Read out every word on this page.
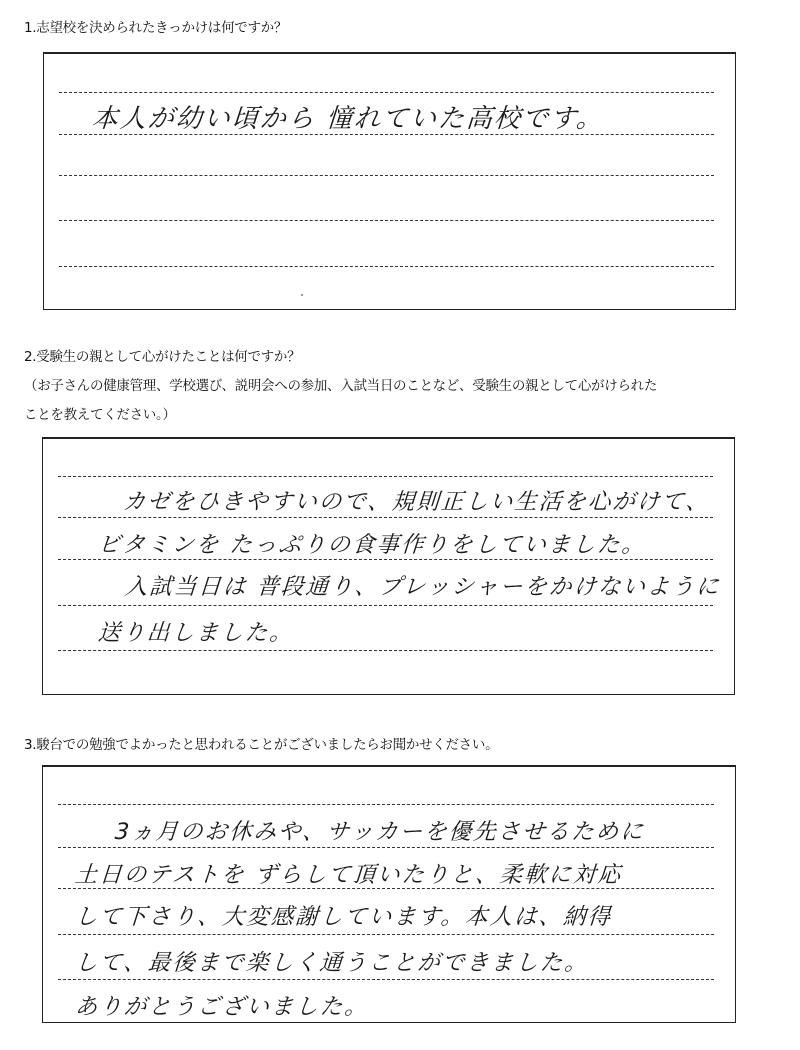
1.志望校を決められたきっかけは何ですか？
本人が幼い頃から 憧れていた高校です。
2.受験生の親として心がけたことは何ですか？
（お子さんの健康管理、学校選び、説明会への参加、入試当日のことなど、受験生の親として心がけられた
ことを教えてください。）
カゼをひきやすいので、規則正しい生活を心がけて、
ビタミンを たっぷりの食事作りをしていました。
入試当日は 普段通り、プレッシャーをかけないように
送り出しました。
3.駿台での勉強でよかったと思われることがございましたらお聞かせください。
3ヵ月のお休みや、サッカーを優先させるために
土日のテストを ずらして頂いたりと、柔軟に対応
して下さり、大変感謝しています。本人は、納得
して、最後まで楽しく通うことができました。
ありがとうございました。
